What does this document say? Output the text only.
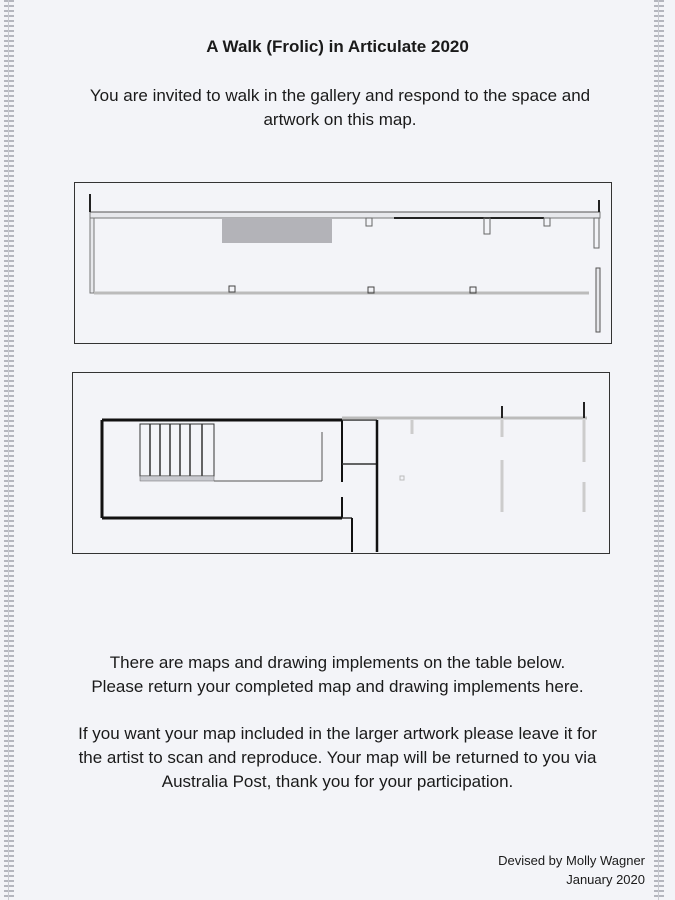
A Walk (Frolic) in Articulate 2020
You are invited to walk in the gallery and respond to the space and
artwork on this map.
There are maps and drawing implements on the table below.
Please return your completed map and drawing implements here.
If you want your map included in the larger artwork please leave it for
the artist to scan and reproduce. Your map will be returned to you via
Australia Post, thank you for your participation.
Devised by Molly Wagner
January 2020
